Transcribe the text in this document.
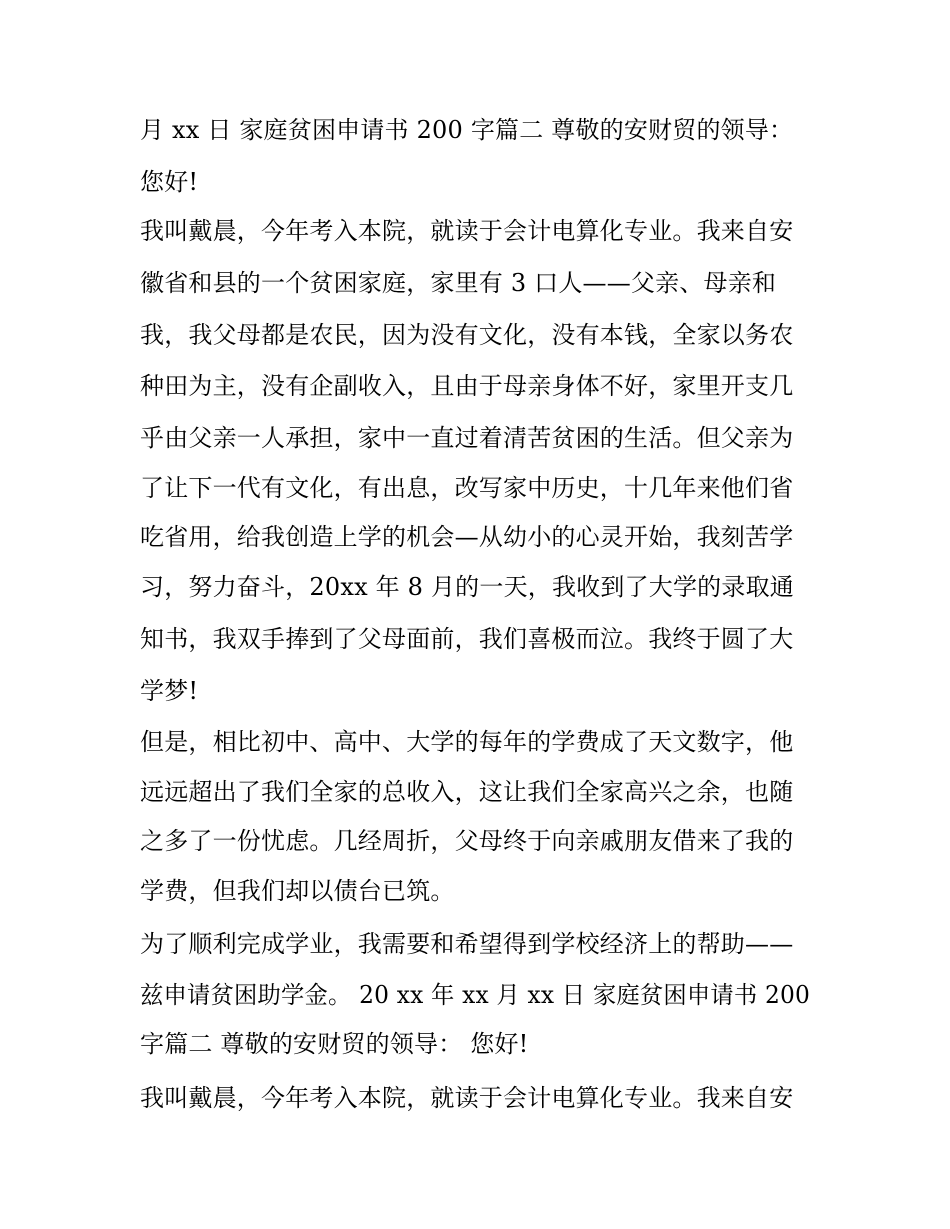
月 xx 日 家庭贫困申请书 200 字篇二 尊敬的安财贸的领导：
您好!
我叫戴晨，今年考入本院，就读于会计电算化专业。我来自安
徽省和县的一个贫困家庭，家里有 3 口人——父亲、母亲和
我，我父母都是农民，因为没有文化，没有本钱，全家以务农
种田为主，没有企副收入，且由于母亲身体不好，家里开支几
乎由父亲一人承担，家中一直过着清苦贫困的生活。但父亲为
了让下一代有文化，有出息，改写家中历史，十几年来他们省
吃省用，给我创造上学的机会—从幼小的心灵开始，我刻苦学
习，努力奋斗，20xx 年 8 月的一天，我收到了大学的录取通
知书，我双手捧到了父母面前，我们喜极而泣。我终于圆了大
学梦!
但是，相比初中、高中、大学的每年的学费成了天文数字，他
远远超出了我们全家的总收入，这让我们全家高兴之余，也随
之多了一份忧虑。几经周折，父母终于向亲戚朋友借来了我的
学费，但我们却以债台已筑。
为了顺利完成学业，我需要和希望得到学校经济上的帮助——
兹申请贫困助学金。 20 xx 年 xx 月 xx 日 家庭贫困申请书 200
字篇二 尊敬的安财贸的领导： 您好!
我叫戴晨，今年考入本院，就读于会计电算化专业。我来自安
